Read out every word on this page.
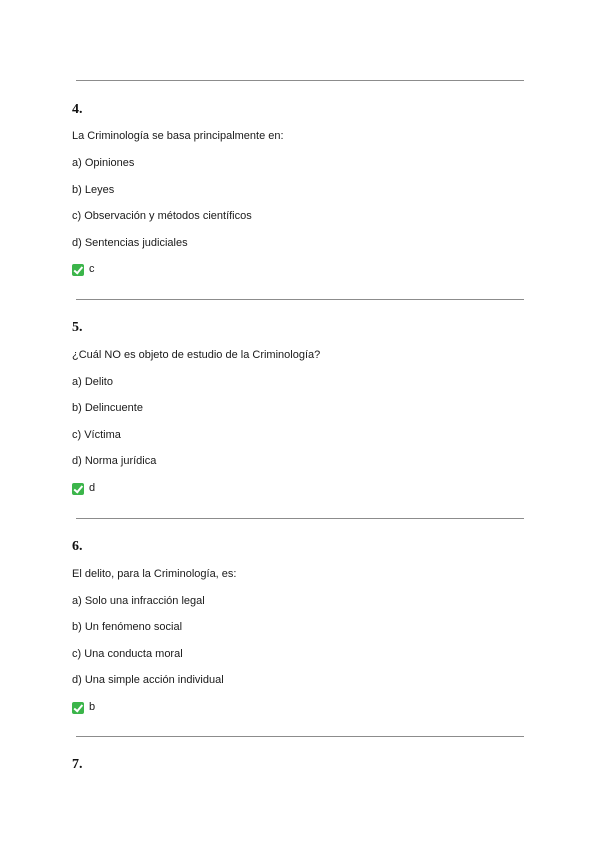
4.
La Criminología se basa principalmente en:
a) Opiniones
b) Leyes
c) Observación y métodos científicos
d) Sentencias judiciales
c
5.
¿Cuál NO es objeto de estudio de la Criminología?
a) Delito
b) Delincuente
c) Víctima
d) Norma jurídica
d
6.
El delito, para la Criminología, es:
a) Solo una infracción legal
b) Un fenómeno social
c) Una conducta moral
d) Una simple acción individual
b
7.
